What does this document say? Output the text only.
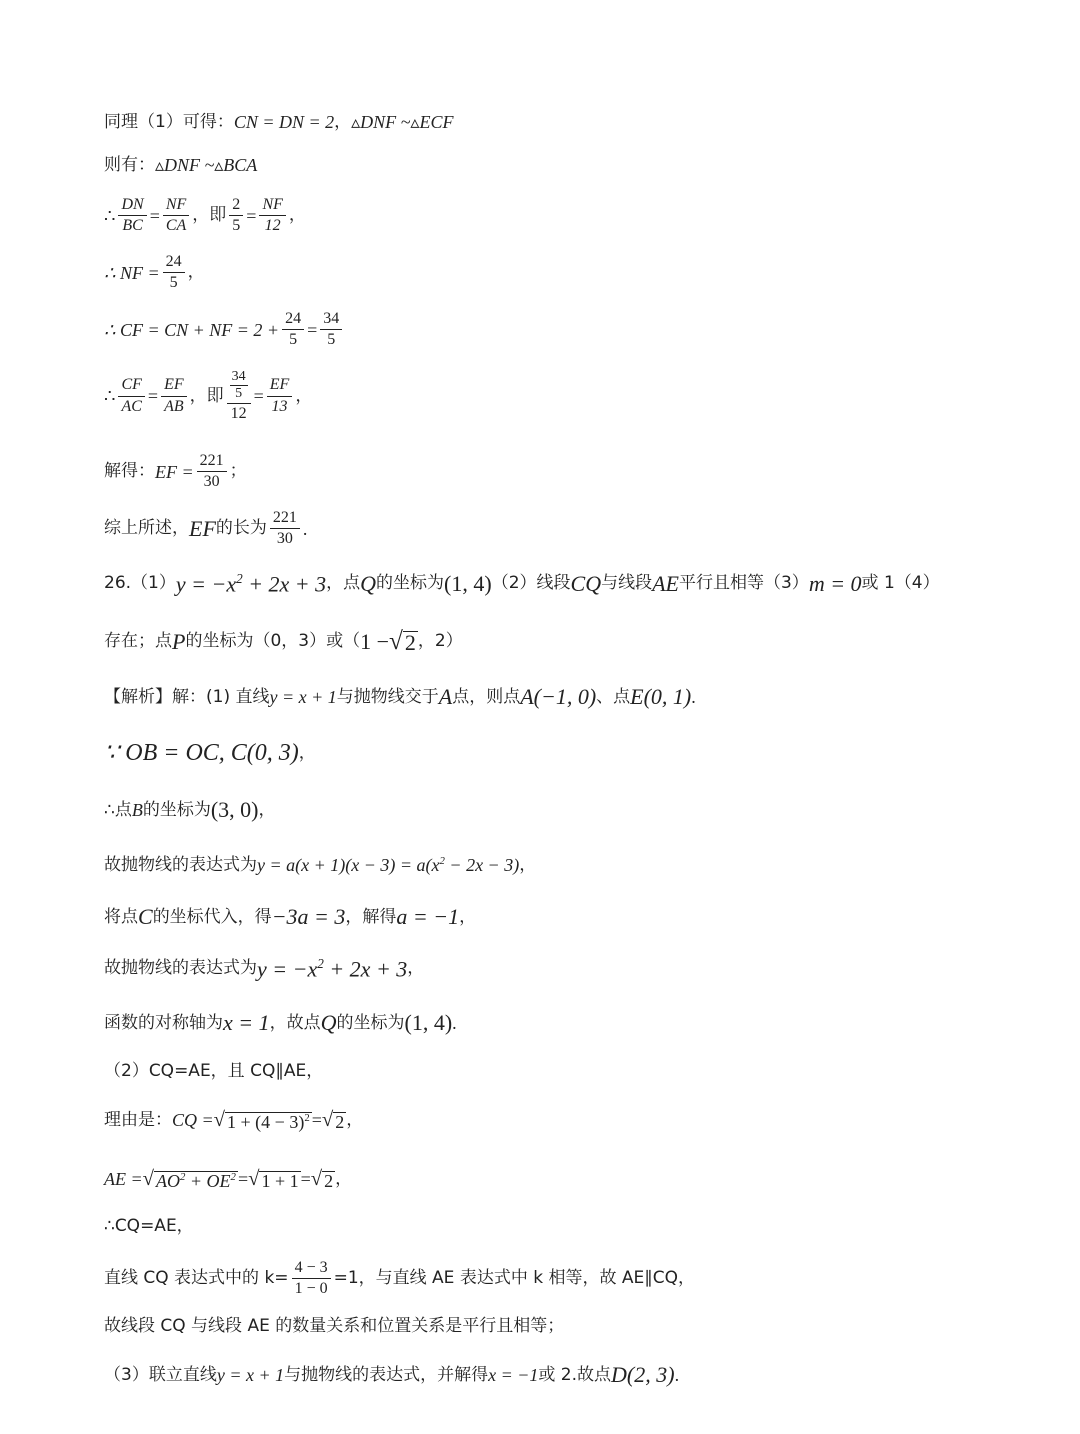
同理（1）可得： CN = DN = 2 ， ▵DNF ~▵ECF
则有： ▵DNF ~▵BCA
∴ $\frac{DN}{BC} = \frac{NF}{CA}$ ，即 $\frac{2}{5} = \frac{NF}{12}$ ，
∴ NF = $\frac{24}{5}$ ，
∴ CF = CN + NF = $2 + \frac{24}{5} = \frac{34}{5}$
∴ $\frac{CF}{AC} = \frac{EF}{AB}$ ，即 34
5
$12 = \frac{EF}{13}$ ，
解得： EF = $\frac{221}{30}$ ；
综上所述， EF 的长为 $\frac{221}{30}$ .
26.（1） $y = -x^2 + 2x + 3$ ，点 Q 的坐标为 (1, 4) （2）线段 CQ 与线段 AE 平行且相等（3） m = 0 或 1（4）
存在；点 P 的坐标为（0，3）或（ 1 − √ 2 ，2）
【解析】解：(1) 直线 y = x + 1 与抛物线交于 A 点，则点 A(−1, 0) 、点 E(0, 1) .
∵ OB = OC, C(0, 3) ，
∴点 B 的坐标为 (3, 0) ，
故抛物线的表达式为 $y = a(x + 1)(x - 3) = a(x^2 - 2x - 3)$ ，
将点 C 的坐标代入，得 −3a = 3 ，解得 a = −1 ，
故抛物线的表达式为 $y = -x^2 + 2x + 3$ ，
函数的对称轴为 x = 1 ，故点 Q 的坐标为 (1, 4) .
（2）CQ=AE，且 CQ∥AE，
理由是： CQ = √ $1 + (4 - 3)^2$ = √ 2 ，
AE = √ $AO^2 + OE^2$ = √ 1 + 1 = √ 2 ，
∴CQ=AE，
直线 CQ 表达式中的 $k= \frac{4 - 3}{1 - 0} =1$，与直线 AE 表达式中 k 相等，故 AE∥CQ，
故线段 CQ 与线段 AE 的数量关系和位置关系是平行且相等；
（3）联立直线 y = x + 1 与抛物线的表达式，并解得 x = −1 或 2.故点 D(2, 3) .
